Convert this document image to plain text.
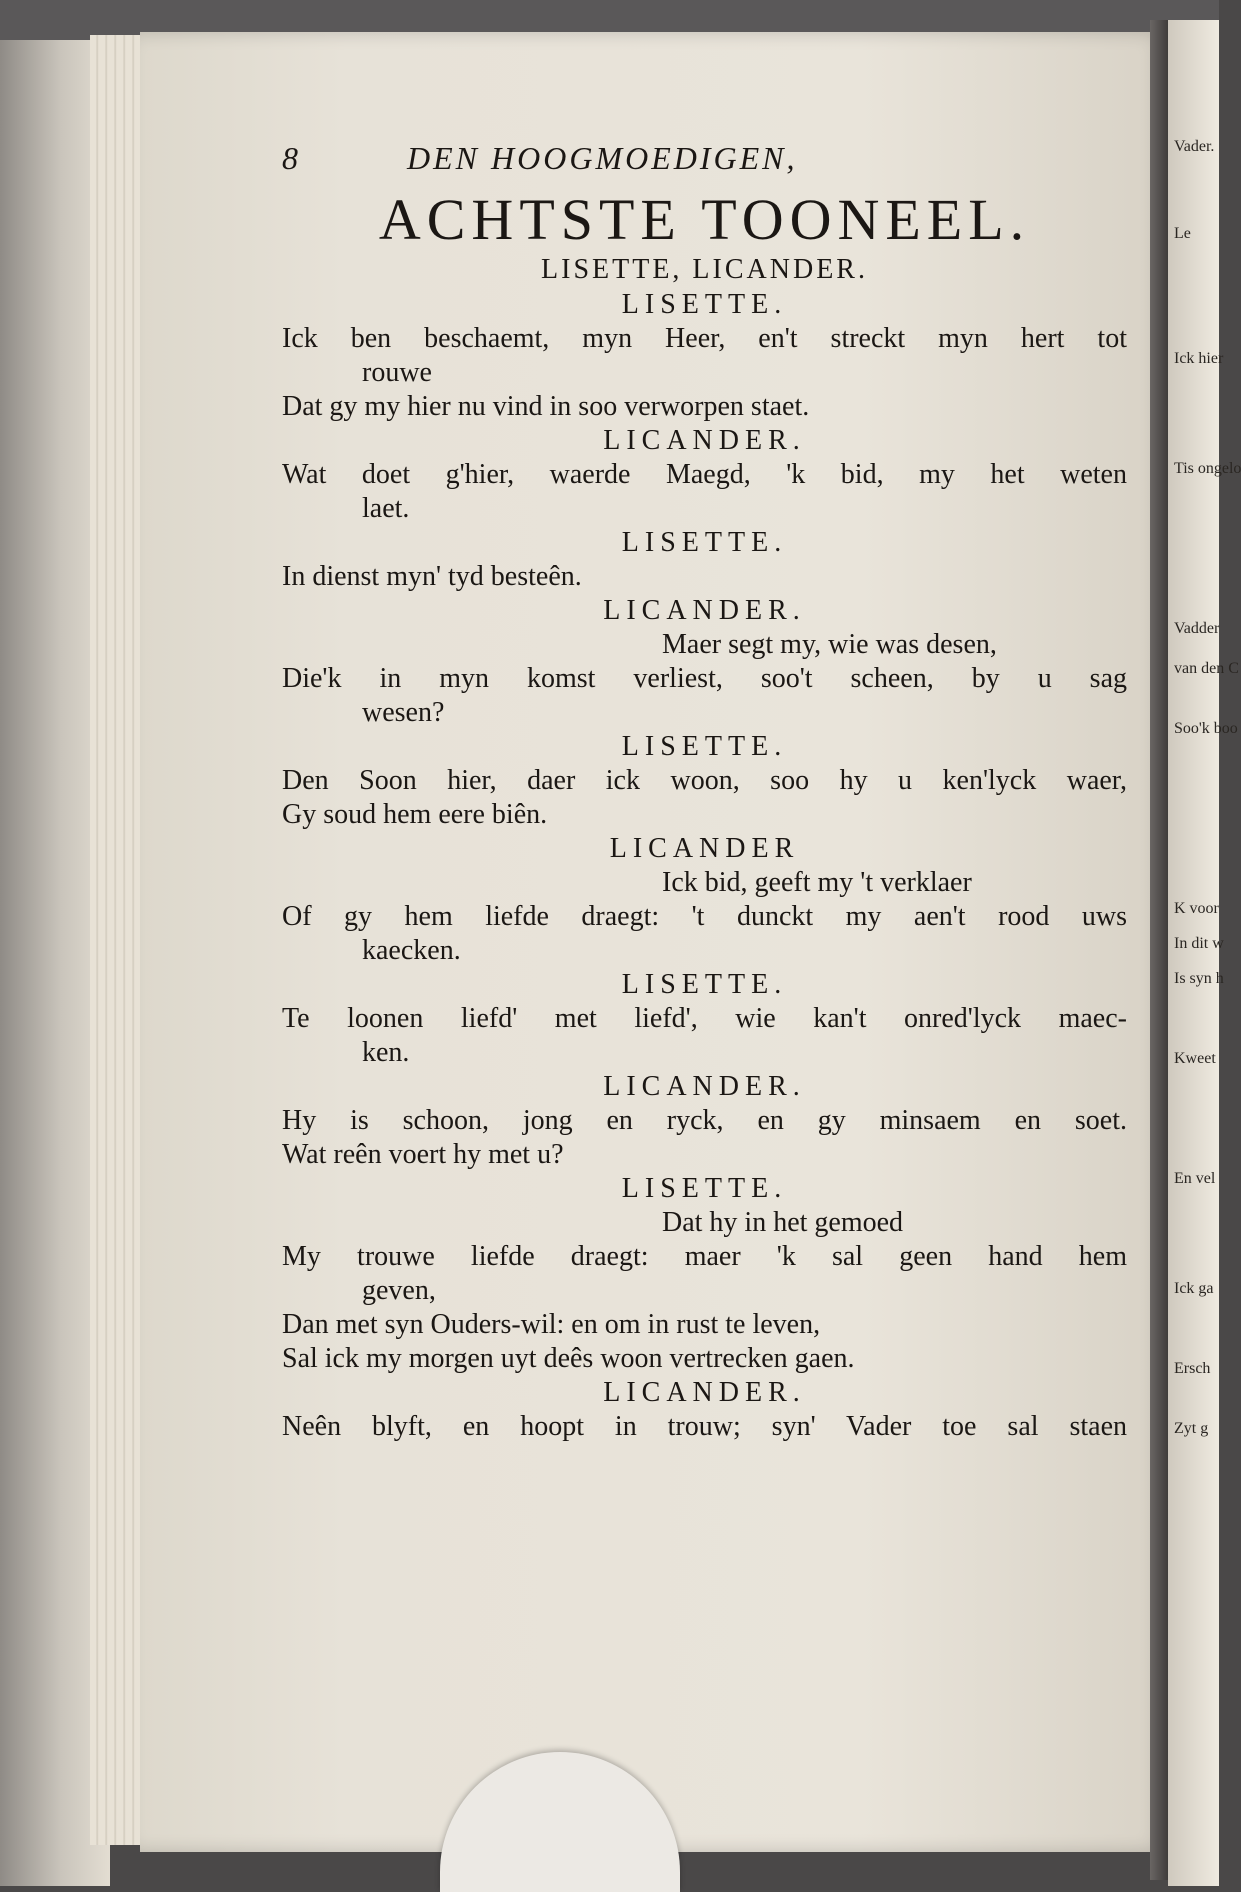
Vader.
Le
Ick hier
Tis ongelo
Vadder
van den C
Soo'k boo
K voor
In dit w
Is syn h
Kweet
En vel
Ick ga
Ersch
Zyt g
8	DEN HOOGMOEDIGEN,
ACHTSTE TOONEEL.
LISETTE, LICANDER.
LISETTE.
Ick ben beschaemt, myn Heer, en't streckt myn hert tot
rouwe
Dat gy my hier nu vind in soo verworpen staet.
LICANDER.
Wat doet g'hier, waerde Maegd, 'k bid, my het weten
laet.
LISETTE.
In dienst myn' tyd besteên.
LICANDER.
Maer segt my, wie was desen,
Die'k in myn komst verliest, soo't scheen, by u sag
wesen?
LISETTE.
Den Soon hier, daer ick woon, soo hy u ken'lyck waer,
Gy soud hem eere biên.
LICANDER
Ick bid, geeft my 't verklaer
Of gy hem liefde draegt: 't dunckt my aen't rood uws
kaecken.
LISETTE.
Te loonen liefd' met liefd', wie kan't onred'lyck maec-
ken.
LICANDER.
Hy is schoon, jong en ryck, en gy minsaem en soet.
Wat reên voert hy met u?
LISETTE.
Dat hy in het gemoed
My trouwe liefde draegt: maer 'k sal geen hand hem
geven,
Dan met syn Ouders-wil: en om in rust te leven,
Sal ick my morgen uyt deês woon vertrecken gaen.
LICANDER.
Neên blyft, en hoopt in trouw; syn' Vader toe sal staen
